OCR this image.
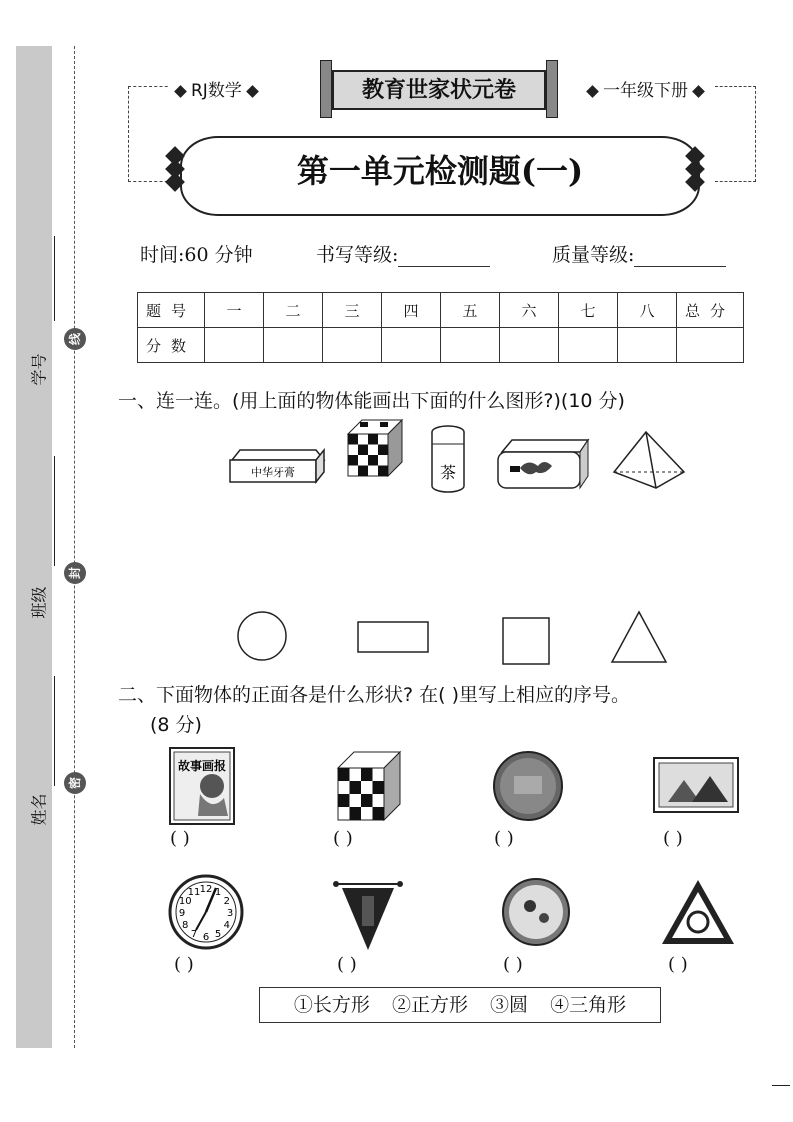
学号
班级
姓名
线
封
密
RJ数学	教育世家状元卷	一年级下册
第一单元检测题(一)
时间:60 分钟	书写等级:	质量等级:
题号	一	二	三	四	五	六	七	八	总分
分数									
一、连一连。(用上面的物体能画出下面的什么图形?)(10 分)
中华牙膏	茶
二、下面物体的正面各是什么形状? 在( )里写上相应的序号。
(8 分)
故事画报
12 1
2
3
4
5
6
7
8
9
10
11
( )	( )	( )	( )
( )	( )	( )	( )
①长方形 ②正方形 ③圆 ④三角形
